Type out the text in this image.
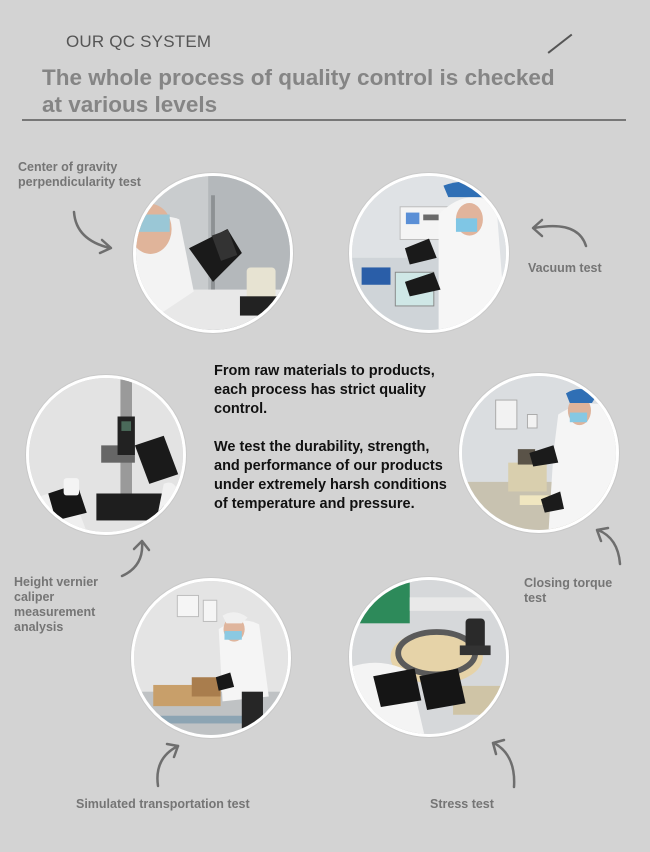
OUR QC SYSTEM
The whole process of quality control is checked at various levels
Center of gravity perpendicularity test
Vacuum test
Height vernier caliper measurement analysis
Closing torque test
Simulated transportation test	Stress test

From raw materials to products, each process has strict quality control.

We test the durability, strength, and performance of our products under extremely harsh conditions of temperature and pressure.
